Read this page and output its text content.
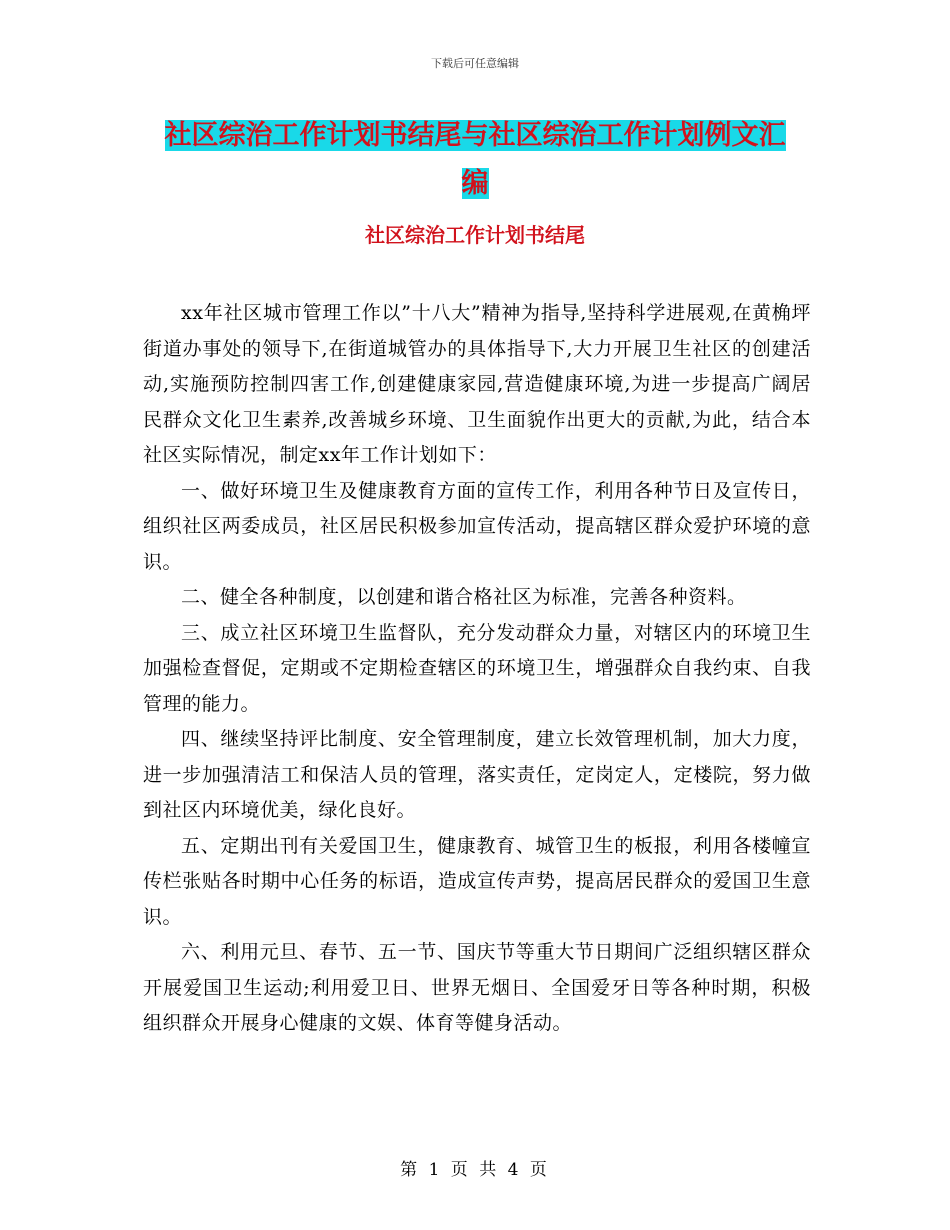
下载后可任意编辑
社区综治工作计划书结尾与社区综治工作计划例文汇
编
社区综治工作计划书结尾

xx年社区城市管理工作以”十八大”精神为指导,坚持科学进展观,在黄桷坪街道办事处的领导下,在街道城管办的具体指导下,大力开展卫生社区的创建活动,实施预防控制四害工作,创建健康家园,营造健康环境,为进一步提高广阔居民群众文化卫生素养,改善城乡环境、卫生面貌作出更大的贡献,为此，结合本社区实际情况，制定xx年工作计划如下：

一、做好环境卫生及健康教育方面的宣传工作，利用各种节日及宣传日，组织社区两委成员，社区居民积极参加宣传活动，提高辖区群众爱护环境的意识。

二、健全各种制度，以创建和谐合格社区为标准，完善各种资料。

三、成立社区环境卫生监督队，充分发动群众力量，对辖区内的环境卫生加强检查督促，定期或不定期检查辖区的环境卫生，增强群众自我约束、自我管理的能力。

四、继续坚持评比制度、安全管理制度，建立长效管理机制，加大力度，进一步加强清洁工和保洁人员的管理，落实责任，定岗定人，定楼院，努力做到社区内环境优美，绿化良好。

五、定期出刊有关爱国卫生，健康教育、城管卫生的板报，利用各楼幢宣传栏张贴各时期中心任务的标语，造成宣传声势，提高居民群众的爱国卫生意识。

六、利用元旦、春节、五一节、国庆节等重大节日期间广泛组织辖区群众开展爱国卫生运动;利用爱卫日、世界无烟日、全国爱牙日等各种时期，积极组织群众开展身心健康的文娱、体育等健身活动。

第 1 页 共 4 页
